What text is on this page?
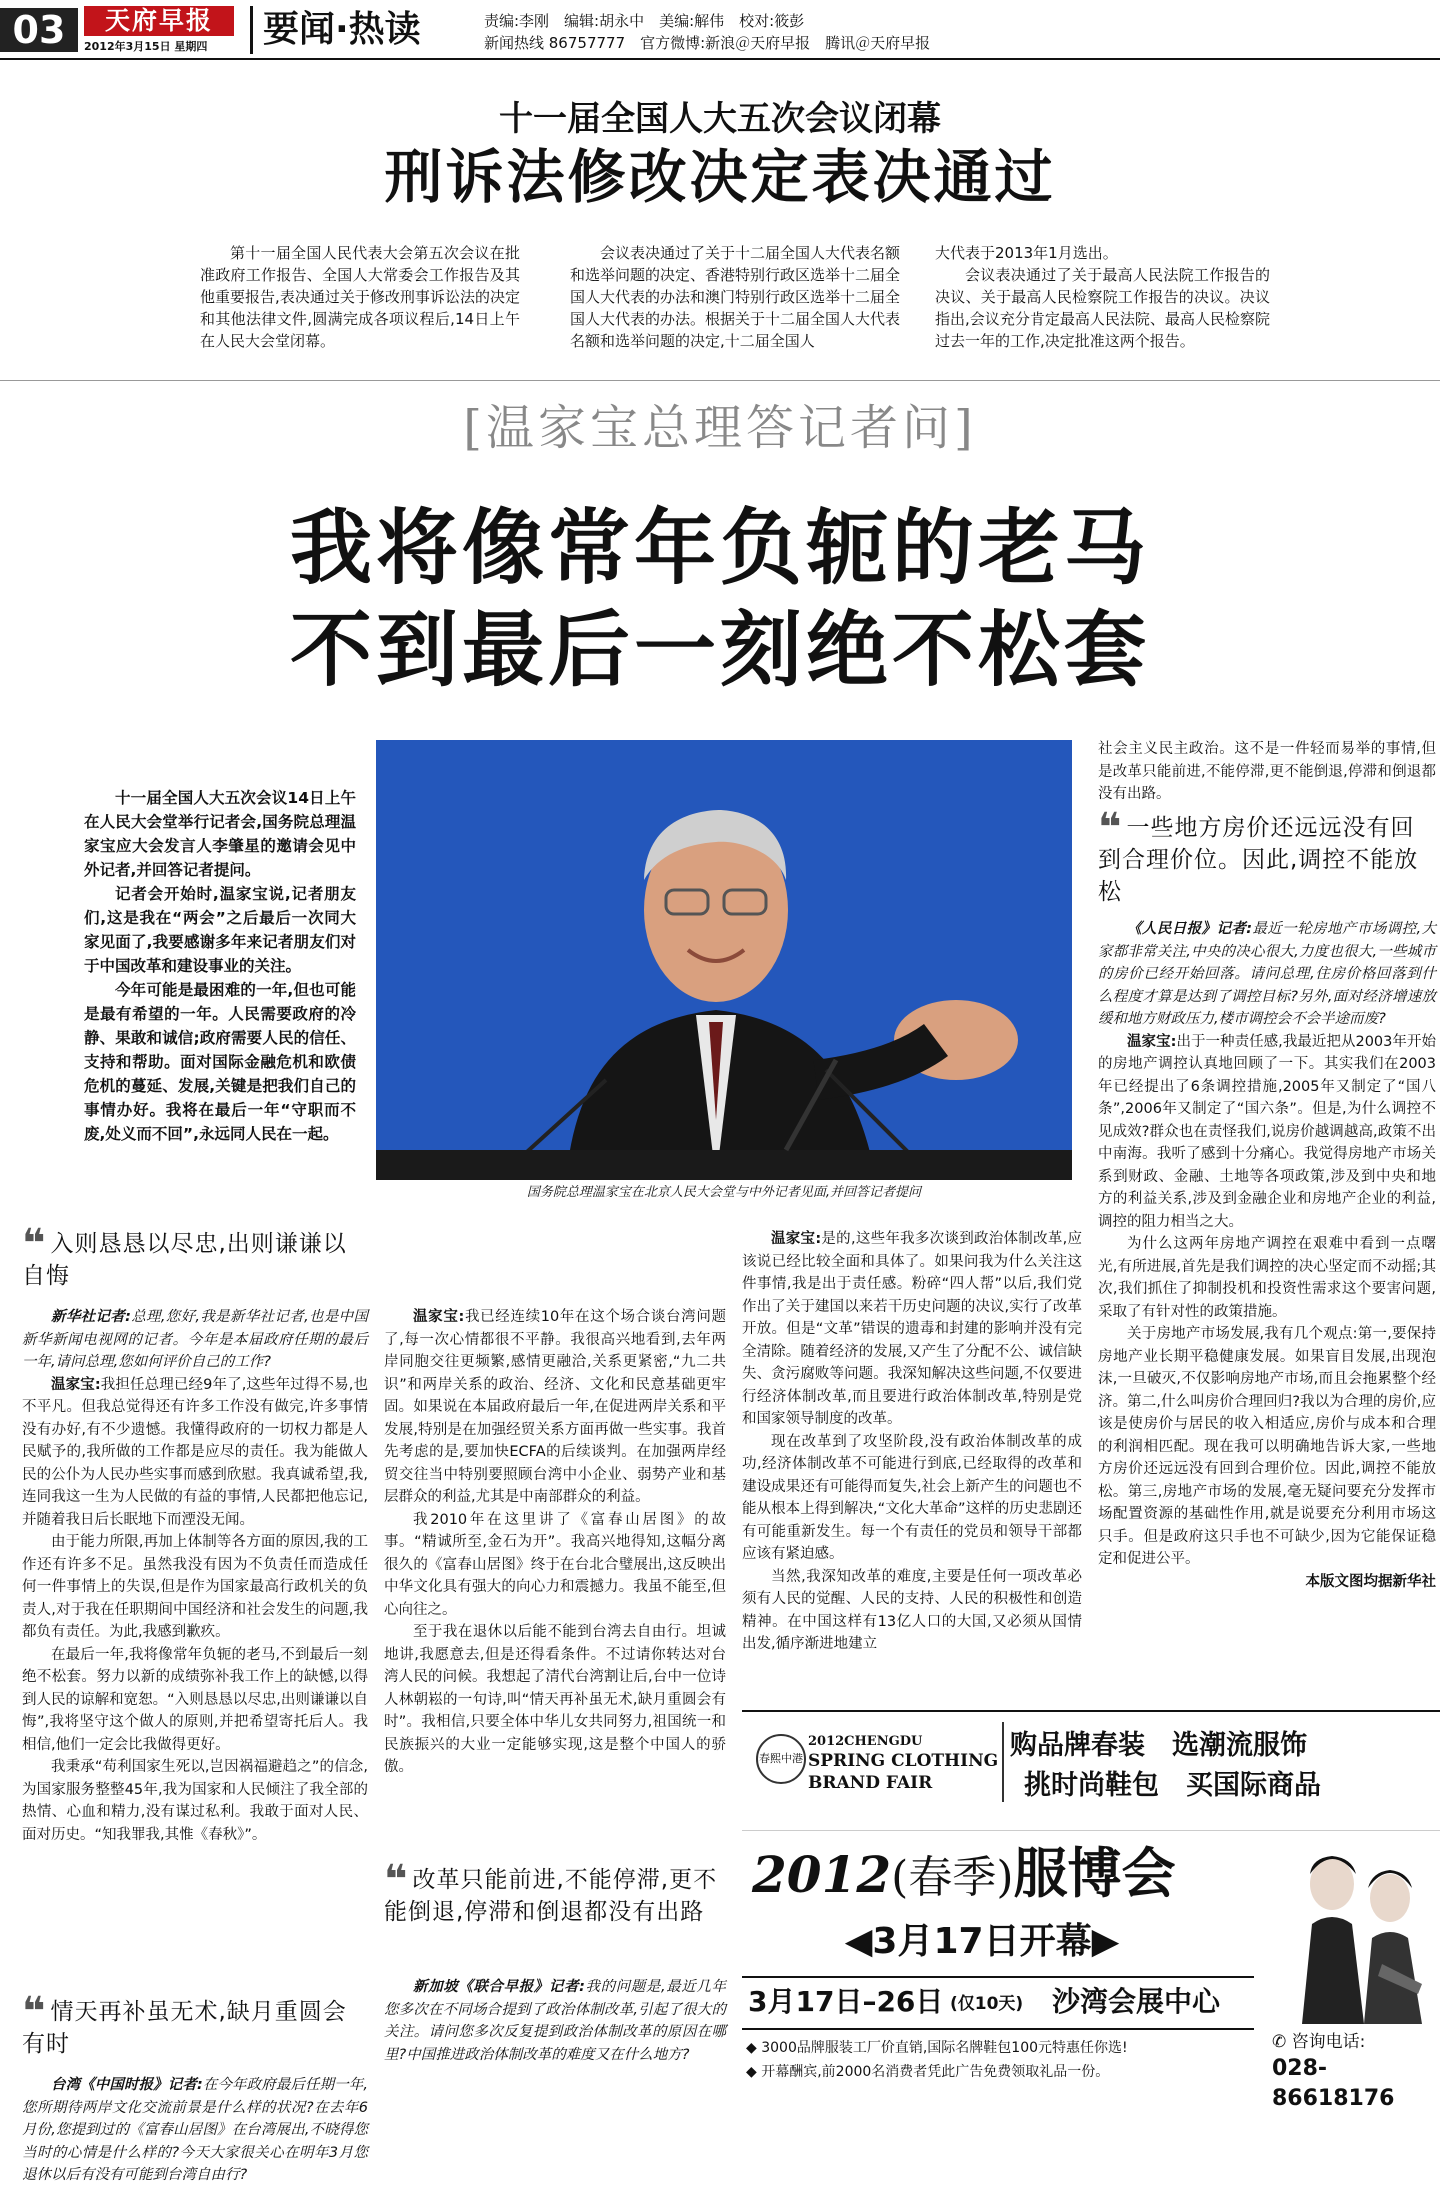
03	天府早报
2012年3月15日 星期四	要闻·热读	责编:李刚　编辑:胡永中　美编:解伟　校对:筱彭
新闻热线 86757777　官方微博:新浪＠天府早报　腾讯＠天府早报
十一届全国人大五次会议闭幕
刑诉法修改决定表决通过

第十一届全国人民代表大会第五次会议在批准政府工作报告、全国人大常委会工作报告及其他重要报告,表决通过关于修改刑事诉讼法的决定和其他法律文件,圆满完成各项议程后,14日上午在人民大会堂闭幕。

会议表决通过了关于十二届全国人大代表名额和选举问题的决定、香港特别行政区选举十二届全国人大代表的办法和澳门特别行政区选举十二届全国人大代表的办法。根据关于十二届全国人大代表名额和选举问题的决定,十二届全国人

大代表于2013年1月选出。

会议表决通过了关于最高人民法院工作报告的决议、关于最高人民检察院工作报告的决议。决议指出,会议充分肯定最高人民法院、最高人民检察院过去一年的工作,决定批准这两个报告。

[温家宝总理答记者问]
我将像常年负轭的老马
不到最后一刻绝不松套

十一届全国人大五次会议14日上午在人民大会堂举行记者会,国务院总理温家宝应大会发言人李肇星的邀请会见中外记者,并回答记者提问。

记者会开始时,温家宝说,记者朋友们,这是我在“两会”之后最后一次同大家见面了,我要感谢多年来记者朋友们对于中国改革和建设事业的关注。

今年可能是最困难的一年,但也可能是最有希望的一年。人民需要政府的冷静、果敢和诚信;政府需要人民的信任、支持和帮助。面对国际金融危机和欧债危机的蔓延、发展,关键是把我们自己的事情办好。我将在最后一年“守职而不废,处义而不回”,永远同人民在一起。

国务院总理温家宝在北京人民大会堂与中外记者见面,并回答记者提问

社会主义民主政治。这不是一件轻而易举的事情,但是改革只能前进,不能停滞,更不能倒退,停滞和倒退都没有出路。

❝ 一些地方房价还远远没有回到合理价位。因此,调控不能放松

《人民日报》记者:最近一轮房地产市场调控,大家都非常关注,中央的决心很大,力度也很大,一些城市的房价已经开始回落。请问总理,住房价格回落到什么程度才算是达到了调控目标?另外,面对经济增速放缓和地方财政压力,楼市调控会不会半途而废?

温家宝:出于一种责任感,我最近把从2003年开始的房地产调控认真地回顾了一下。其实我们在2003年已经提出了6条调控措施,2005年又制定了“国八条”,2006年又制定了“国六条”。但是,为什么调控不见成效?群众也在责怪我们,说房价越调越高,政策不出中南海。我听了感到十分痛心。我觉得房地产市场关系到财政、金融、土地等各项政策,涉及到中央和地方的利益关系,涉及到金融企业和房地产企业的利益,调控的阻力相当之大。

为什么这两年房地产调控在艰难中看到一点曙光,有所进展,首先是我们调控的决心坚定而不动摇;其次,我们抓住了抑制投机和投资性需求这个要害问题,采取了有针对性的政策措施。

关于房地产市场发展,我有几个观点:第一,要保持房地产业长期平稳健康发展。如果盲目发展,出现泡沫,一旦破灭,不仅影响房地产市场,而且会拖累整个经济。第二,什么叫房价合理回归?我以为合理的房价,应该是使房价与居民的收入相适应,房价与成本和合理的利润相匹配。现在我可以明确地告诉大家,一些地方房价还远远没有回到合理价位。因此,调控不能放松。第三,房地产市场的发展,毫无疑问要充分发挥市场配置资源的基础性作用,就是说要充分利用市场这只手。但是政府这只手也不可缺少,因为它能保证稳定和促进公平。

本版文图均据新华社

❝ 入则恳恳以尽忠,出则谦谦以自悔

新华社记者:总理,您好,我是新华社记者,也是中国新华新闻电视网的记者。今年是本届政府任期的最后一年,请问总理,您如何评价自己的工作?

温家宝:我担任总理已经9年了,这些年过得不易,也不平凡。但我总觉得还有许多工作没有做完,许多事情没有办好,有不少遗憾。我懂得政府的一切权力都是人民赋予的,我所做的工作都是应尽的责任。我为能做人民的公仆为人民办些实事而感到欣慰。我真诚希望,我,连同我这一生为人民做的有益的事情,人民都把他忘记,并随着我日后长眠地下而湮没无闻。

由于能力所限,再加上体制等各方面的原因,我的工作还有许多不足。虽然我没有因为不负责任而造成任何一件事情上的失误,但是作为国家最高行政机关的负责人,对于我在任职期间中国经济和社会发生的问题,我都负有责任。为此,我感到歉疚。

在最后一年,我将像常年负轭的老马,不到最后一刻绝不松套。努力以新的成绩弥补我工作上的缺憾,以得到人民的谅解和宽恕。“入则恳恳以尽忠,出则谦谦以自悔”,我将坚守这个做人的原则,并把希望寄托后人。我相信,他们一定会比我做得更好。

我秉承“苟利国家生死以,岂因祸福避趋之”的信念,为国家服务整整45年,我为国家和人民倾注了我全部的热情、心血和精力,没有谋过私利。我敢于面对人民、面对历史。“知我罪我,其惟《春秋》”。

❝ 情天再补虽无术,缺月重圆会有时

台湾《中国时报》记者:在今年政府最后任期一年,您所期待两岸文化交流前景是什么样的状况?在去年6月份,您提到过的《富春山居图》在台湾展出,不晓得您当时的心情是什么样的?今天大家很关心在明年3月您退休以后有没有可能到台湾自由行?

温家宝:我已经连续10年在这个场合谈台湾问题了,每一次心情都很不平静。我很高兴地看到,去年两岸同胞交往更频繁,感情更融洽,关系更紧密,“九二共识”和两岸关系的政治、经济、文化和民意基础更牢固。如果说在本届政府最后一年,在促进两岸关系和平发展,特别是在加强经贸关系方面再做一些实事。我首先考虑的是,要加快ECFA的后续谈判。在加强两岸经贸交往当中特别要照顾台湾中小企业、弱势产业和基层群众的利益,尤其是中南部群众的利益。

我2010年在这里讲了《富春山居图》的故事。“精诚所至,金石为开”。我高兴地得知,这幅分离很久的《富春山居图》终于在台北合璧展出,这反映出中华文化具有强大的向心力和震撼力。我虽不能至,但心向往之。

至于我在退休以后能不能到台湾去自由行。坦诚地讲,我愿意去,但是还得看条件。不过请你转达对台湾人民的问候。我想起了清代台湾割让后,台中一位诗人林朝崧的一句诗,叫“情天再补虽无术,缺月重圆会有时”。我相信,只要全体中华儿女共同努力,祖国统一和民族振兴的大业一定能够实现,这是整个中国人的骄傲。

❝ 改革只能前进,不能停滞,更不能倒退,停滞和倒退都没有出路

新加坡《联合早报》记者:我的问题是,最近几年您多次在不同场合提到了政治体制改革,引起了很大的关注。请问您多次反复提到政治体制改革的原因在哪里?中国推进政治体制改革的难度又在什么地方?

温家宝:是的,这些年我多次谈到政治体制改革,应该说已经比较全面和具体了。如果问我为什么关注这件事情,我是出于责任感。粉碎“四人帮”以后,我们党作出了关于建国以来若干历史问题的决议,实行了改革开放。但是“文革”错误的遗毒和封建的影响并没有完全清除。随着经济的发展,又产生了分配不公、诚信缺失、贪污腐败等问题。我深知解决这些问题,不仅要进行经济体制改革,而且要进行政治体制改革,特别是党和国家领导制度的改革。

现在改革到了攻坚阶段,没有政治体制改革的成功,经济体制改革不可能进行到底,已经取得的改革和建设成果还有可能得而复失,社会上新产生的问题也不能从根本上得到解决,“文化大革命”这样的历史悲剧还有可能重新发生。每一个有责任的党员和领导干部都应该有紧迫感。

当然,我深知改革的难度,主要是任何一项改革必须有人民的觉醒、人民的支持、人民的积极性和创造精神。在中国这样有13亿人口的大国,又必须从国情出发,循序渐进地建立

春熙中港
2012CHENGDU
SPRING CLOTHING
BRAND FAIR
购品牌春装　选潮流服饰
挑时尚鞋包　买国际商品
2012(春季)服博会
◀3月17日开幕▶
3月17日–26日 (仅10天) 沙湾会展中心
◆ 3000品牌服装工厂价直销,国际名牌鞋包100元特惠任你选!
◆ 开幕酬宾,前2000名消费者凭此广告免费领取礼品一份。
✆ 咨询电话:
028-86618176
